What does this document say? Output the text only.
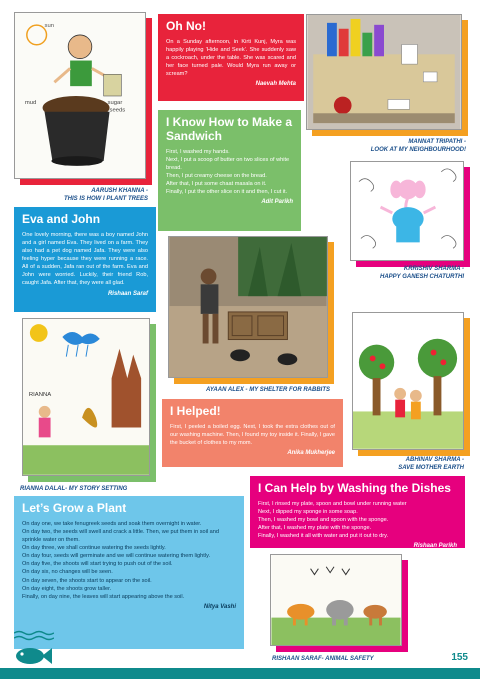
sun
sugar
seeds
mud
AARUSH KHANNA -
THIS IS HOW I PLANT TREES
Oh No!

On a Sunday afternoon, in Kirti Kunj, Myra was happily playing ‘Hide and Seek’. She suddenly saw a cockroach, under the table. She was scared and her face turned pale. Would Myra run away or scream?

Naevah Mehta
MANNAT TRIPATHI -
LOOK AT MY NEIGHBOURHOOD!
I Know How to Make a Sandwich

First, I washed my hands.
Next, I put a scoop of butter on two slices of white bread.
Then, I put creamy cheese on the bread.
After that, I put some chaat masala on it.
Finally, I put the other slice on it and then, I cut it.

Adit Parikh
Eva and John

One lovely morning, there was a boy named John and a girl named Eva. They lived on a farm. They also had a pet dog named Jafa. They were also feeling hyper because they were running a race. All of a sudden, Jafa ran out of the farm. Eva and John were worried. Luckily, their friend Rob, caught Jafa. After that, they were all glad.

Rishaan Saraf
KRRISHIV SHARMA -
HAPPY GANESH CHATURTHI
AYAAN ALEX - MY SHELTER FOR RABBITS
ABHINAV SHARMA -
SAVE MOTHER EARTH
RIANNA
RIANNA DALAL- MY STORY SETTING
I Helped!

First, I peeled a boiled egg. Next, I took the extra clothes out of our washing machine. Then, I found my toy inside it. Finally, I gave the bucket of clothes to my mom.

Anika Mukherjee
I Can Help by Washing the Dishes

First, I rinsed my plate, spoon and bowl under running water
Next, I dipped my sponge in some soap.
Then, I washed my bowl and spoon with the sponge.
After that, I washed my plate with the sponge.
Finally, I washed it all with water and put it out to dry.

Rishaan Parikh
Let’s Grow a Plant

On day one, we take fenugreek seeds and soak them overnight in water.
On day two, the seeds will swell and crack a little. Then, we put them in soil and sprinkle water on them.
On day three, we shall continue watering the seeds lightly.
On day four, seeds will germinate and we will continue watering them lightly.
On day five, the shoots will start trying to push out of the soil.
On day six, no changes will be seen.
On day seven, the shoots start to appear on the soil.
On day eight, the shoots grow taller.
Finally, on day nine, the leaves will start appearing above the soil.

Nitya Vashi
RISHAAN SARAF- ANIMAL SAFETY	155
